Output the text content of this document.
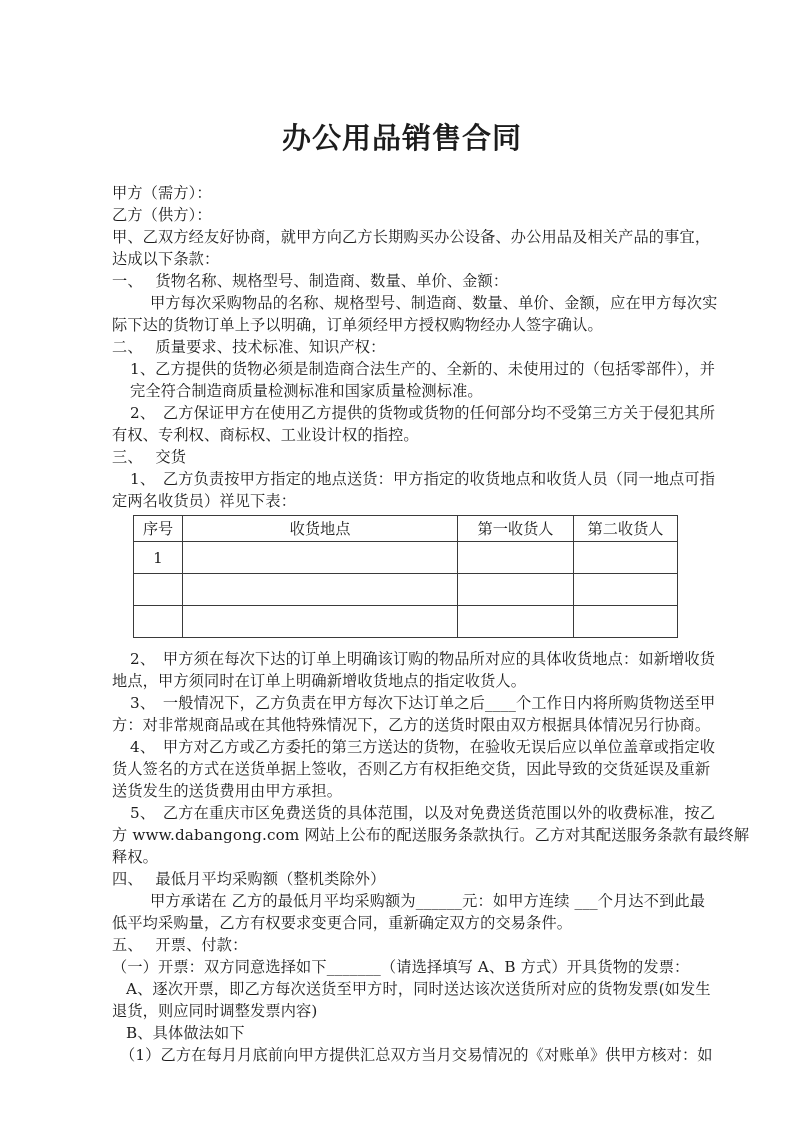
办公用品销售合同
甲方（需方）：
乙方（供方）：
甲、乙双方经友好协商，就甲方向乙方长期购买办公设备、办公用品及相关产品的事宜，
达成以下条款：
一、　 货物名称、规格型号、制造商、数量、单价、金额：
甲方每次采购物品的名称、规格型号、制造商、数量、单价、金额，应在甲方每次实
际下达的货物订单上予以明确，订单须经甲方授权购物经办人签字确认。
二、　 质量要求、技术标准、知识产权：
1、乙方提供的货物必须是制造商合法生产的、全新的、未使用过的（包括零部件），并
完全符合制造商质量检测标准和国家质量检测标准。
2、　乙方保证甲方在使用乙方提供的货物或货物的任何部分均不受第三方关于侵犯其所
有权、专利权、商标权、工业设计权的指控。
三、　 交货
1、　乙方负责按甲方指定的地点送货：甲方指定的收货地点和收货人员（同一地点可指
定两名收货员）祥见下表：
序号	收货地点	第一收货人	第二收货人
1			

2、　甲方须在每次下达的订单上明确该订购的物品所对应的具体收货地点：如新增收货
地点，甲方须同时在订单上明确新增收货地点的指定收货人。
3、　一般情况下，乙方负责在甲方每次下达订单之后____个工作日内将所购货物送至甲
方：对非常规商品或在其他特殊情况下，乙方的送货时限由双方根据具体情况另行协商。
4、　甲方对乙方或乙方委托的第三方送达的货物，在验收无误后应以单位盖章或指定收
货人签名的方式在送货单据上签收，否则乙方有权拒绝交货，因此导致的交货延误及重新
送货发生的送货费用由甲方承担。
5、　乙方在重庆市区免费送货的具体范围，以及对免费送货范围以外的收费标准，按乙
方 www.dabangong.com 网站上公布的配送服务条款执行。乙方对其配送服务条款有最终解
释权。
四、　 最低月平均采购额（整机类除外）
甲方承诺在 乙方的最低月平均采购额为______元：如甲方连续 ___个月达不到此最
低平均采购量，乙方有权要求变更合同，重新确定双方的交易条件。
五、　 开票、付款：
（一）开票：双方同意选择如下_______（请选择填写 A、B 方式）开具货物的发票：
A、逐次开票，即乙方每次送货至甲方时，同时送达该次送货所对应的货物发票(如发生
退货，则应同时调整发票内容)
B、具体做法如下
（1）乙方在每月月底前向甲方提供汇总双方当月交易情况的《对账单》供甲方核对：如
